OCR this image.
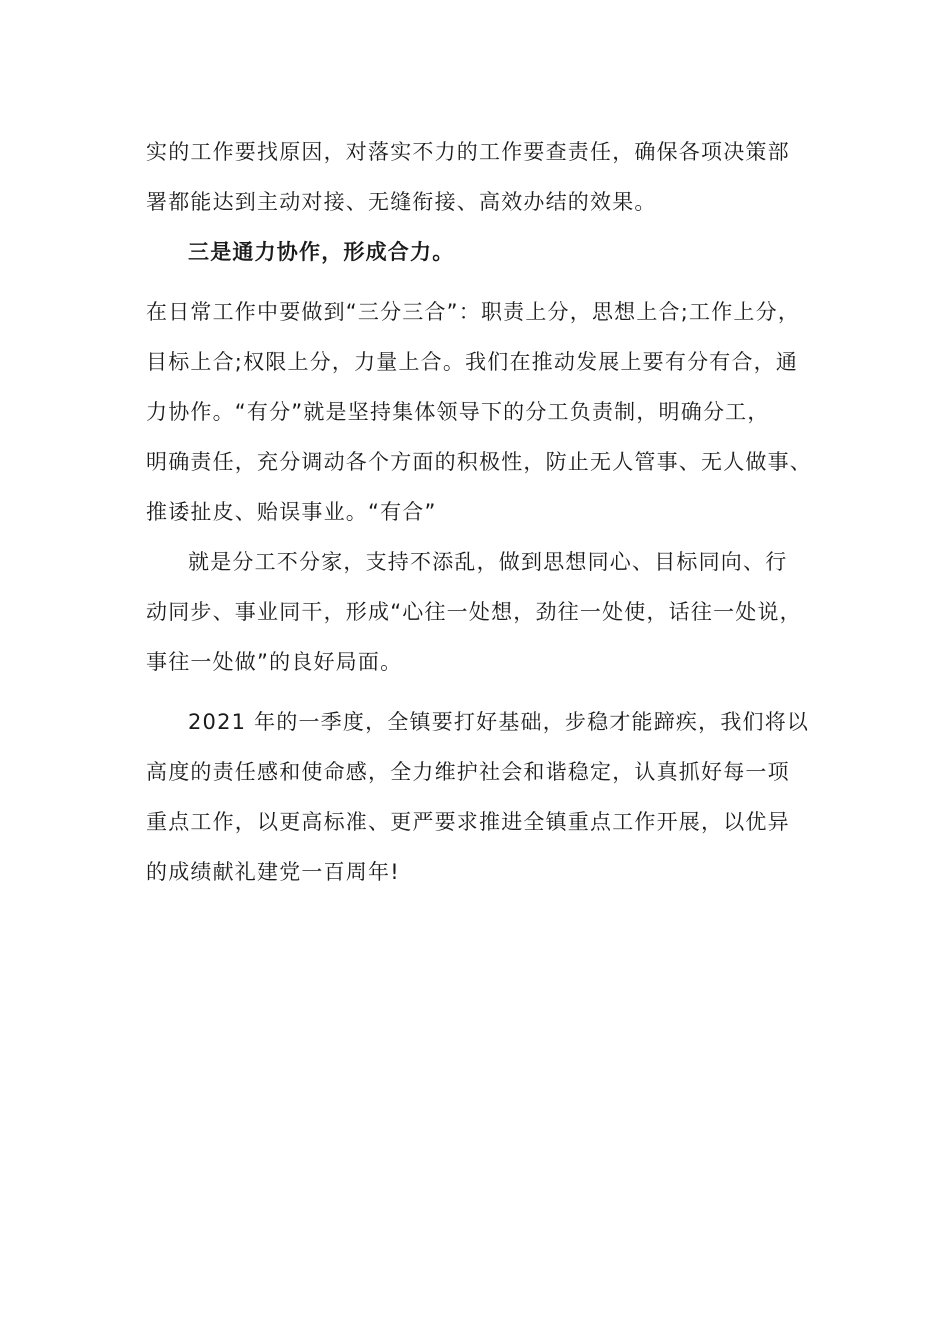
实的工作要找原因，对落实不力的工作要查责任，确保各项决策部
署都能达到主动对接、无缝衔接、高效办结的效果。
三是通力协作，形成合力。
在日常工作中要做到“三分三合”：职责上分，思想上合;工作上分，
目标上合;权限上分，力量上合。我们在推动发展上要有分有合，通
力协作。“有分”就是坚持集体领导下的分工负责制，明确分工，
明确责任，充分调动各个方面的积极性，防止无人管事、无人做事、
推诿扯皮、贻误事业。“有合”
就是分工不分家，支持不添乱，做到思想同心、目标同向、行
动同步、事业同干，形成“心往一处想，劲往一处使，话往一处说，
事往一处做”的良好局面。
2021 年的一季度，全镇要打好基础，步稳才能蹄疾，我们将以
高度的责任感和使命感，全力维护社会和谐稳定，认真抓好每一项
重点工作，以更高标准、更严要求推进全镇重点工作开展，以优异
的成绩献礼建党一百周年!
